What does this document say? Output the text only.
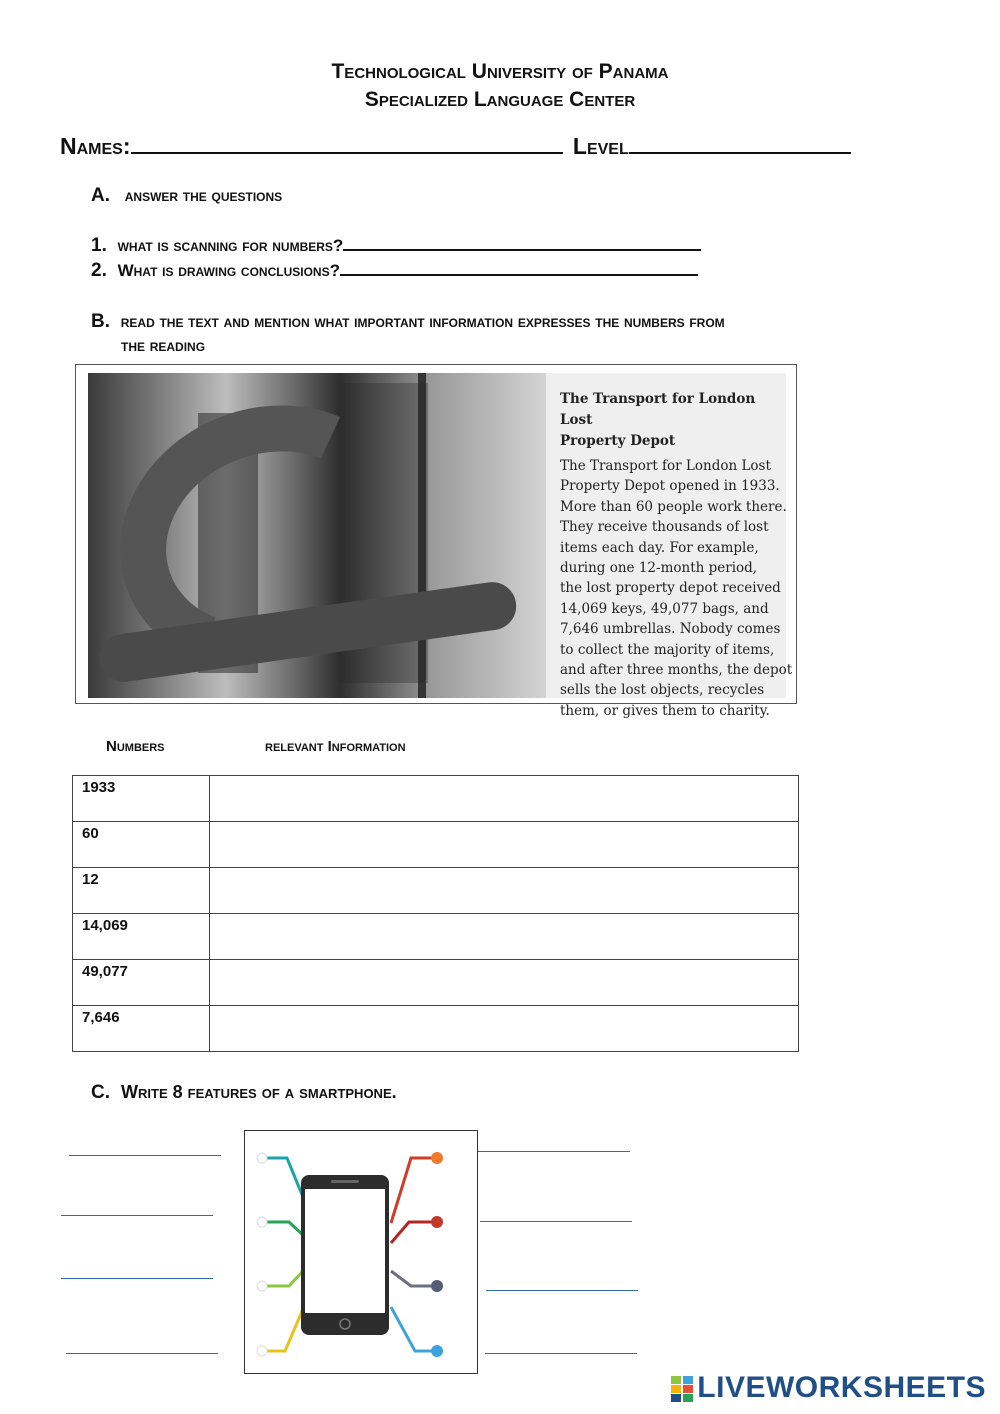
Technological University of Panama
Specialized Language Center
Names:	Level
A. answer the questions
1. what is scanning for numbers?
2. What is drawing conclusions?
B. read the text and mention what important information expresses the numbers from
the reading
The Transport for London Lost
Property Depot
The Transport for London Lost
Property Depot opened in 1933.
More than 60 people work there.
They receive thousands of lost
items each day. For example,
during one 12-month period,
the lost property depot received
14,069 keys, 49,077 bags, and
7,646 umbrellas. Nobody comes
to collect the majority of items,
and after three months, the depot
sells the lost objects, recycles
them, or gives them to charity.
Numbers	relevant Information
1933	
60	
12	
14,069	
49,077	
7,646	
C. Write 8 features of a smartphone.
LIVEWORKSHEETS
